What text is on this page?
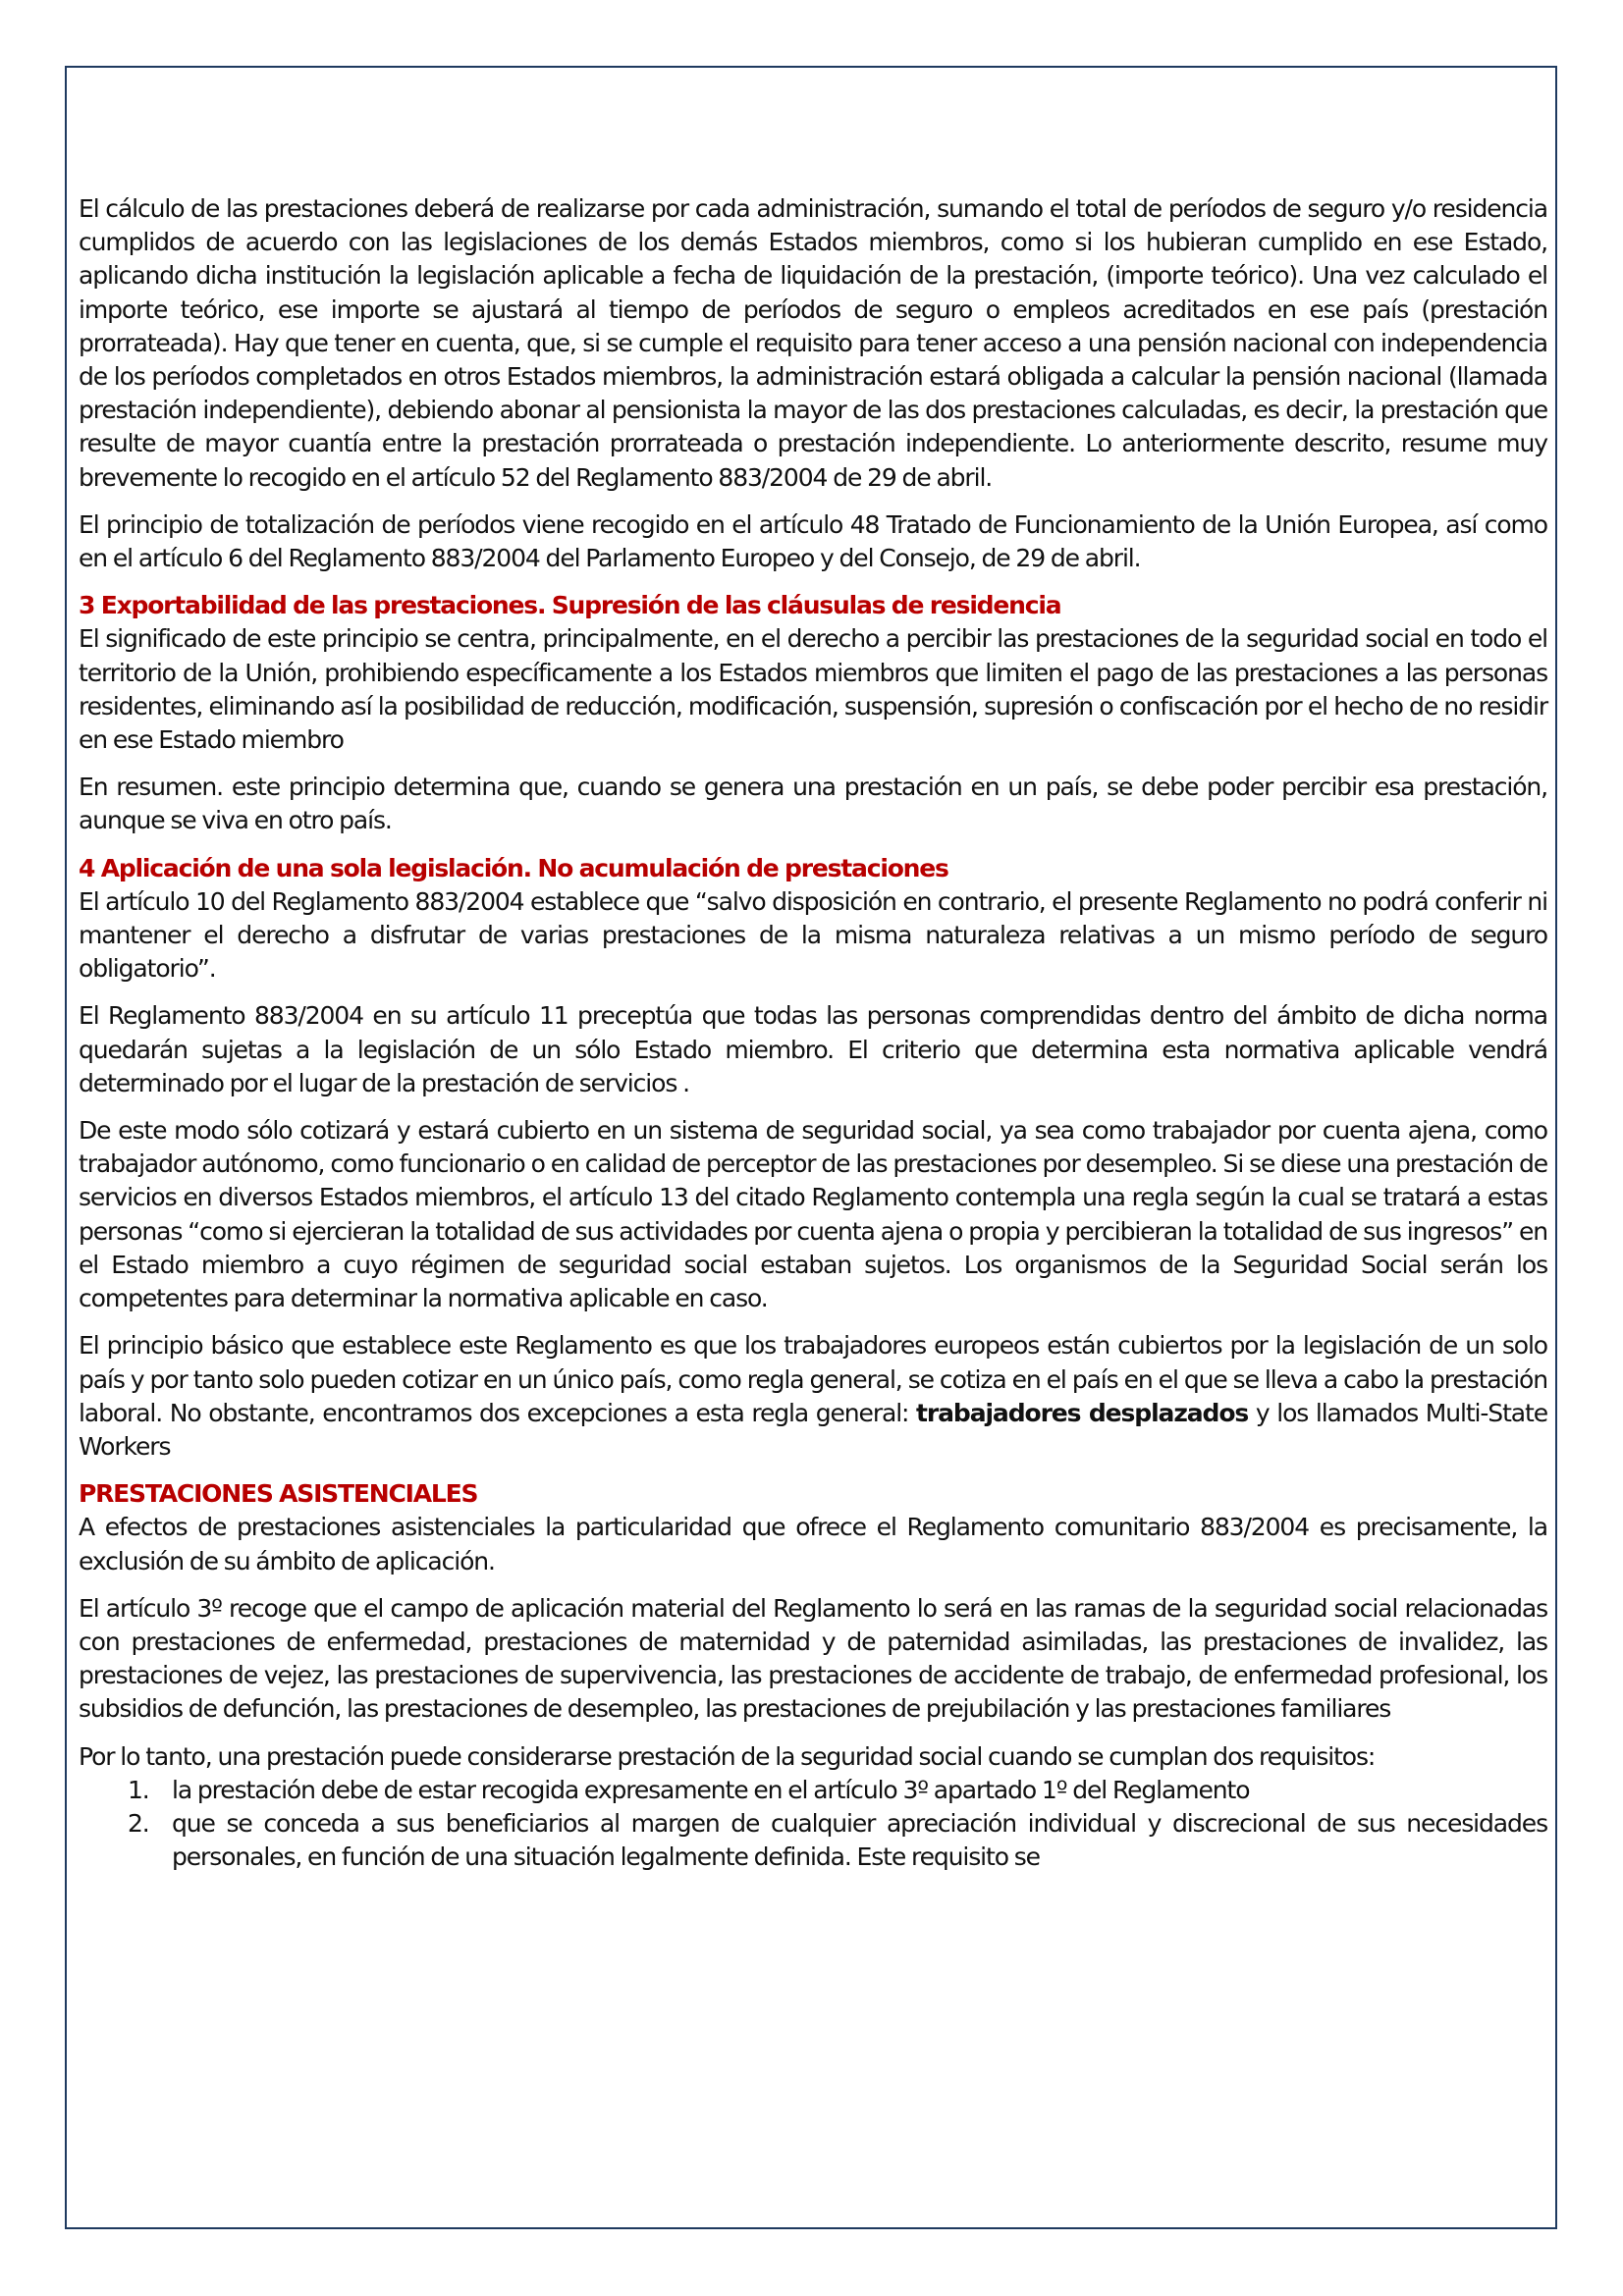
El cálculo de las prestaciones deberá de realizarse por cada administración, sumando el total de períodos de seguro y/o residencia cumplidos de acuerdo con las legislaciones de los demás Estados miembros, como si los hubieran cumplido en ese Estado, aplicando dicha institución la legislación aplicable a fecha de liquidación de la prestación, (importe teórico). Una vez calculado el importe teórico, ese importe se ajustará al tiempo de períodos de seguro o empleos acreditados en ese país (prestación prorrateada). Hay que tener en cuenta, que, si se cumple el requisito para tener acceso a una pensión nacional con independencia de los períodos completados en otros Estados miembros, la administración estará obligada a calcular la pensión nacional (llamada prestación independiente), debiendo abonar al pensionista la mayor de las dos prestaciones calculadas, es decir, la prestación que resulte de mayor cuantía entre la prestación prorrateada o prestación independiente. Lo anteriormente descrito, resume muy brevemente lo recogido en el artículo 52 del Reglamento 883/2004 de 29 de abril.

El principio de totalización de períodos viene recogido en el artículo 48 Tratado de Funcionamiento de la Unión Europea, así como en el artículo 6 del Reglamento 883/2004 del Parlamento Europeo y del Consejo, de 29 de abril.

3 Exportabilidad de las prestaciones. Supresión de las cláusulas de residencia

El significado de este principio se centra, principalmente, en el derecho a percibir las prestaciones de la seguridad social en todo el territorio de la Unión, prohibiendo específicamente a los Estados miembros que limiten el pago de las prestaciones a las personas residentes, eliminando así la posibilidad de reducción, modificación, suspensión, supresión o confiscación por el hecho de no residir en ese Estado miembro

En resumen. este principio determina que, cuando se genera una prestación en un país, se debe poder percibir esa prestación, aunque se viva en otro país.

4 Aplicación de una sola legislación. No acumulación de prestaciones

El artículo 10 del Reglamento 883/2004 establece que “salvo disposición en contrario, el presente Reglamento no podrá conferir ni mantener el derecho a disfrutar de varias prestaciones de la misma naturaleza relativas a un mismo período de seguro obligatorio”.

El Reglamento 883/2004 en su artículo 11 preceptúa que todas las personas comprendidas dentro del ámbito de dicha norma quedarán sujetas a la legislación de un sólo Estado miembro. El criterio que determina esta normativa aplicable vendrá determinado por el lugar de la prestación de servicios .

De este modo sólo cotizará y estará cubierto en un sistema de seguridad social, ya sea como trabajador por cuenta ajena, como trabajador autónomo, como funcionario o en calidad de perceptor de las prestaciones por desempleo. Si se diese una prestación de servicios en diversos Estados miembros, el artículo 13 del citado Reglamento contempla una regla según la cual se tratará a estas personas “como si ejercieran la totalidad de sus actividades por cuenta ajena o propia y percibieran la totalidad de sus ingresos” en el Estado miembro a cuyo régimen de seguridad social estaban sujetos. Los organismos de la Seguridad Social serán los competentes para determinar la normativa aplicable en caso.

El principio básico que establece este Reglamento es que los trabajadores europeos están cubiertos por la legislación de un solo país y por tanto solo pueden cotizar en un único país, como regla general, se cotiza en el país en el que se lleva a cabo la prestación laboral. No obstante, encontramos dos excepciones a esta regla general: trabajadores desplazados y los llamados Multi-State Workers

PRESTACIONES ASISTENCIALES

A efectos de prestaciones asistenciales la particularidad que ofrece el Reglamento comunitario 883/2004 es precisamente, la exclusión de su ámbito de aplicación.

El artículo 3º recoge que el campo de aplicación material del Reglamento lo será en las ramas de la seguridad social relacionadas con prestaciones de enfermedad, prestaciones de maternidad y de paternidad asimiladas, las prestaciones de invalidez, las prestaciones de vejez, las prestaciones de supervivencia, las prestaciones de accidente de trabajo, de enfermedad profesional, los subsidios de defunción, las prestaciones de desempleo, las prestaciones de prejubilación y las prestaciones familiares

Por lo tanto, una prestación puede considerarse prestación de la seguridad social cuando se cumplan dos requisitos:

1. la prestación debe de estar recogida expresamente en el artículo 3º apartado 1º del Reglamento
2. que se conceda a sus beneficiarios al margen de cualquier apreciación individual y discrecional de sus necesidades personales, en función de una situación legalmente definida. Este requisito se
